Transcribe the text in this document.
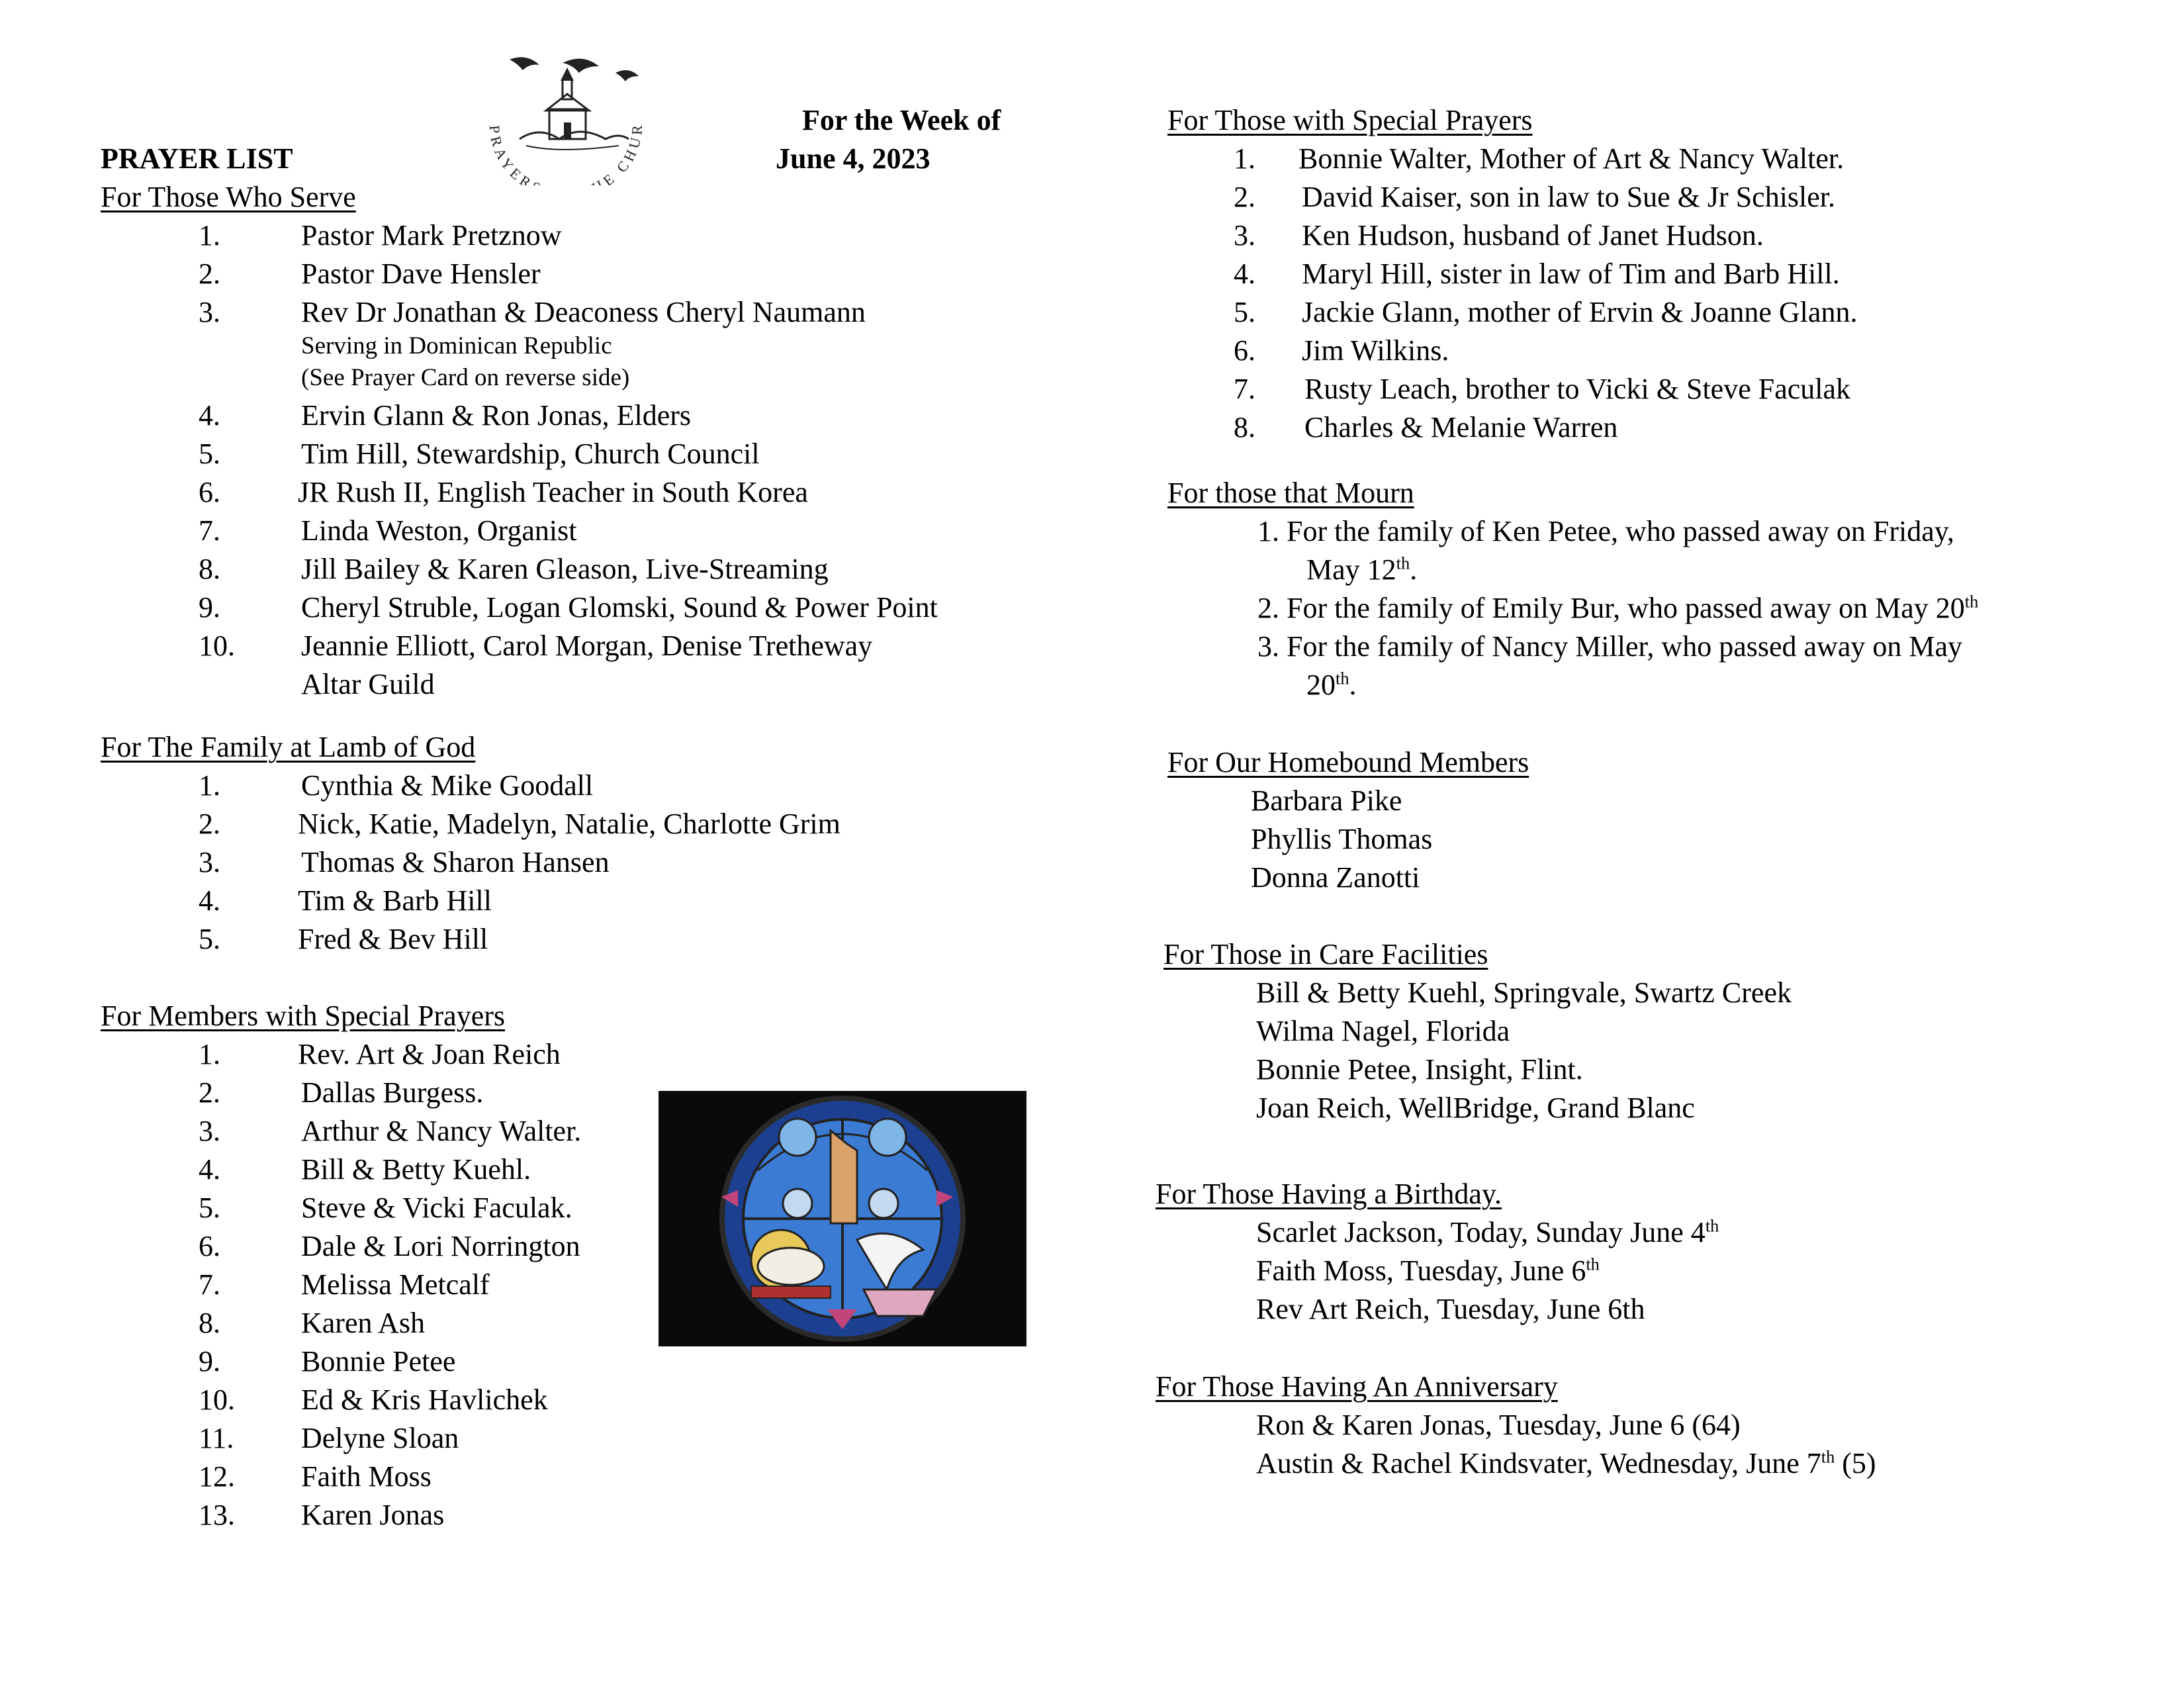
PRAYER E CHUR	For the Week of
PRAYER LIST	June 4, 2023
For Those Who Serve
1.	Pastor Mark Pretznow
2.	Pastor Dave Hensler
3.	Rev Dr Jonathan & Deaconess Cheryl Naumann
Serving in Dominican Republic
(See Prayer Card on reverse side)
4.	Ervin Glann & Ron Jonas, Elders
5.	Tim Hill, Stewardship, Church Council
6.	JR Rush II, English Teacher in South Korea
7.	Linda Weston, Organist
8.	Jill Bailey & Karen Gleason, Live-Streaming
9.	Cheryl Struble, Logan Glomski, Sound & Power Point
10. Jeannie Elliott, Carol Morgan, Denise Tretheway
Altar Guild
For The Family at Lamb of God
1.	Cynthia & Mike Goodall
2.	Nick, Katie, Madelyn, Natalie, Charlotte Grim
3.	Thomas & Sharon Hansen
4.	Tim & Barb Hill
5.	Fred & Bev Hill
For Members with Special Prayers
1.	Rev. Art & Joan Reich
2.	Dallas Burgess.
3.	Arthur & Nancy Walter.
4.	Bill & Betty Kuehl.
5.	Steve & Vicki Faculak.
6.	Dale & Lori Norrington
7.	Melissa Metcalf
8.	Karen Ash
9.	Bonnie Petee
10. Ed & Kris Havlichek
11. Delyne Sloan
12. Faith Moss
13. Karen Jonas
For Those with Special Prayers
1. Bonnie Walter, Mother of Art & Nancy Walter.
2. David Kaiser, son in law to Sue & Jr Schisler.
3. Ken Hudson, husband of Janet Hudson.
4. Maryl Hill, sister in law of Tim and Barb Hill.
5. Jackie Glann, mother of Ervin & Joanne Glann.
6. Jim Wilkins.
7. Rusty Leach, brother to Vicki & Steve Faculak
8. Charles & Melanie Warren
For those that Mourn
1. For the family of Ken Petee, who passed away on Friday,
May 12th.
2. For the family of Emily Bur, who passed away on May 20th
3. For the family of Nancy Miller, who passed away on May
20th.
For Our Homebound Members
Barbara Pike
Phyllis Thomas
Donna Zanotti
For Those in Care Facilities
Bill & Betty Kuehl, Springvale, Swartz Creek
Wilma Nagel, Florida
Bonnie Petee, Insight, Flint.
Joan Reich, WellBridge, Grand Blanc
For Those Having a Birthday.
Scarlet Jackson, Today, Sunday June 4th
Faith Moss, Tuesday, June 6th
Rev Art Reich, Tuesday, June 6th
For Those Having An Anniversary
Ron & Karen Jonas, Tuesday, June 6 (64)
Austin & Rachel Kindsvater, Wednesday, June 7th (5)
